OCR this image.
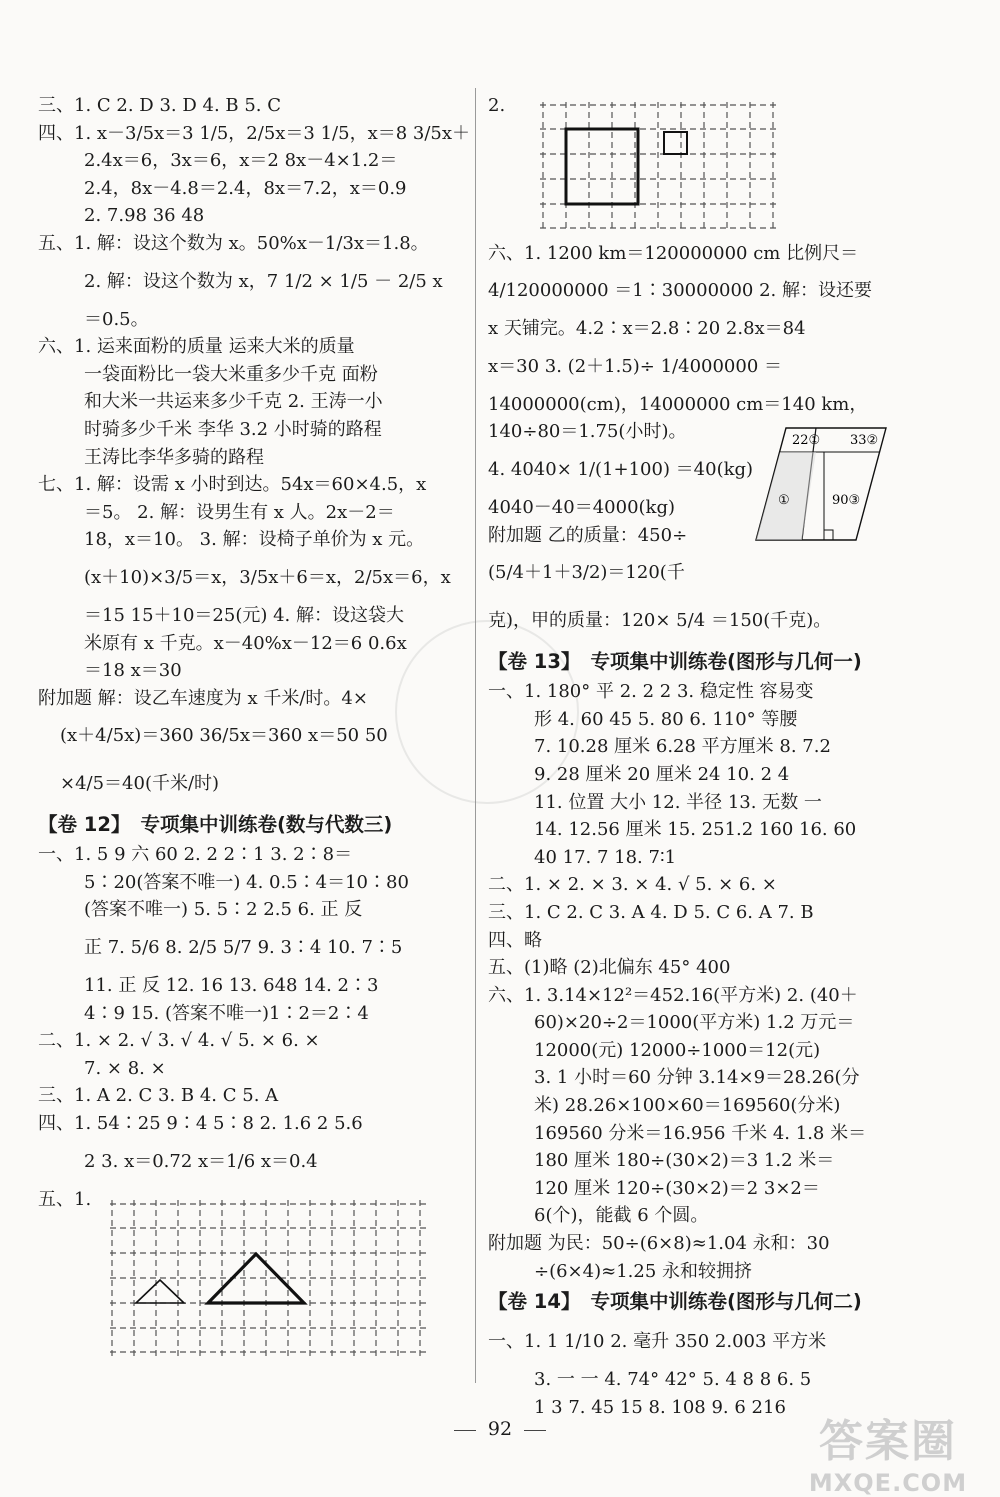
三、1. C 2. D 3. D 4. B 5. C
四、1. x－3/5x＝3 1/5，2/5x＝3 1/5，x＝8 3/5x＋
2.4x＝6，3x＝6，x＝2 8x－4×1.2＝
2.4，8x－4.8＝2.4，8x＝7.2，x＝0.9
2. 7.98 36 48
五、1. 解：设这个数为 x。50%x－1/3x＝1.8。
2. 解：设这个数为 x，7 1/2 × 1/5 － 2/5 x
＝0.5。
六、1. 运来面粉的质量 运来大米的质量
一袋面粉比一袋大米重多少千克 面粉
和大米一共运来多少千克 2. 王涛一小
时骑多少千米 李华 3.2 小时骑的路程
王涛比李华多骑的路程
七、1. 解：设需 x 小时到达。54x＝60×4.5，x
＝5。 2. 解：设男生有 x 人。2x－2＝
18，x＝10。 3. 解：设椅子单价为 x 元。
(x＋10)×3/5＝x，3/5x＋6＝x，2/5x＝6，x
＝15 15＋10＝25(元) 4. 解：设这袋大
米原有 x 千克。x－40%x－12＝6 0.6x
＝18 x＝30
附加题 解：设乙车速度为 x 千米/时。4×
(x＋4/5x)＝360 36/5x＝360 x＝50 50
×4/5＝40(千米/时)
【卷 12】 专项集中训练卷(数与代数三)
一、1. 5 9 六 60 2. 2 2∶1 3. 2∶8＝
5∶20(答案不唯一) 4. 0.5∶4＝10∶80
(答案不唯一) 5. 5∶2 2.5 6. 正 反
正 7. 5/6 8. 2/5 5/7 9. 3∶4 10. 7∶5
11. 正 反 12. 16 13. 648 14. 2∶3
4∶9 15. (答案不唯一)1∶2＝2∶4
二、1. × 2. √ 3. √ 4. √ 5. × 6. ×
7. × 8. ×
三、1. A 2. C 3. B 4. C 5. A
四、1. 54∶25 9∶4 5∶8 2. 1.6 2 5.6
2 3. x＝0.72 x＝1/6 x＝0.4
五、1.
2.
六、1. 1200 km＝120000000 cm 比例尺＝
4/120000000 ＝1∶30000000 2. 解：设还要
x 天铺完。4.2∶x＝2.8∶20 2.8x＝84
x＝30 3. (2＋1.5)÷ 1/4000000 ＝
14000000(cm)，14000000 cm＝140 km，
140÷80＝1.75(小时)。
4. 4040× 1/(1+100) ＝40(kg)
4040－40＝4000(kg)
附加题 乙的质量：450÷
(5/4＋1＋3/2)＝120(千
克)，甲的质量：120× 5/4 ＝150(千克)。
【卷 13】 专项集中训练卷(图形与几何一)
一、1. 180° 平 2. 2 2 3. 稳定性 容易变
形 4. 60 45 5. 80 6. 110° 等腰
7. 10.28 厘米 6.28 平方厘米 8. 7.2
9. 28 厘米 20 厘米 24 10. 2 4
11. 位置 大小 12. 半径 13. 无数 一
14. 12.56 厘米 15. 251.2 160 16. 60
40 17. 7 18. 7∶1
二、1. × 2. × 3. × 4. √ 5. × 6. ×
三、1. C 2. C 3. A 4. D 5. C 6. A 7. B
四、略
五、(1)略 (2)北偏东 45° 400
六、1. 3.14×12²＝452.16(平方米) 2. (40＋
60)×20÷2＝1000(平方米) 1.2 万元＝
12000(元) 12000÷1000＝12(元)
3. 1 小时＝60 分钟 3.14×9＝28.26(分
米) 28.26×100×60＝169560(分米)
169560 分米＝16.956 千米 4. 1.8 米＝
180 厘米 180÷(30×2)＝3 1.2 米＝
120 厘米 120÷(30×2)＝2 3×2＝
6(个)，能截 6 个圆。
附加题 为民：50÷(6×8)≈1.04 永和：30
÷(6×4)≈1.25 永和较拥挤
【卷 14】 专项集中训练卷(图形与几何二)
一、1. 1 1/10 2. 毫升 350 2.003 平方米
3. 一 一 4. 74° 42° 5. 4 8 8 6. 5
1 3 7. 45 15 8. 108 9. 6 216
22① 33②
①	90③
92	答案圈
MXQE.COM
